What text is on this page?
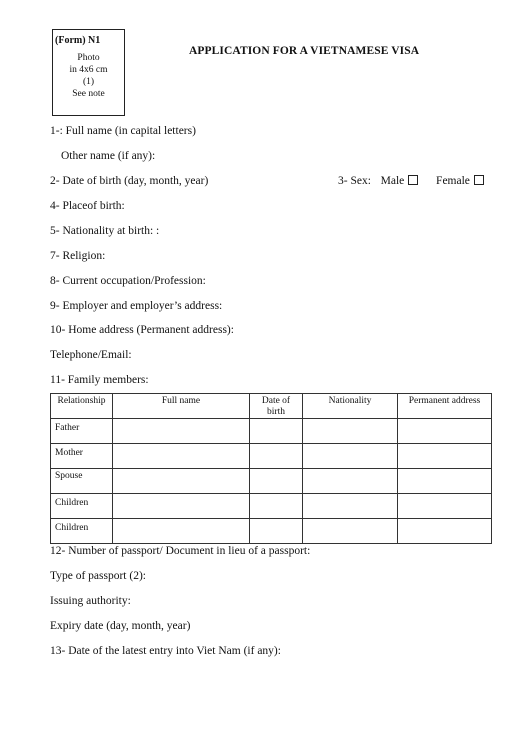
(Form) N1
Photo
in 4x6 cm
(1)
See note
APPLICATION FOR A VIETNAMESE VISA
1-: Full name (in capital letters)
Other name (if any):
2- Date of birth (day, month, year)	3- Sex: Male	Female
4- Placeof birth:
5- Nationality at birth: :
7- Religion:
8- Current occupation/Profession:
9- Employer and employer’s address:
10- Home address (Permanent address):
Telephone/Email:
11- Family members:
Relationship	Full name	Date of birth	Nationality	Permanent address
Father				
Mother				
Spouse				
Children				
Children				
12- Number of passport/ Document in lieu of a passport:
Type of passport (2):
Issuing authority:
Expiry date (day, month, year)
13- Date of the latest entry into Viet Nam (if any):
